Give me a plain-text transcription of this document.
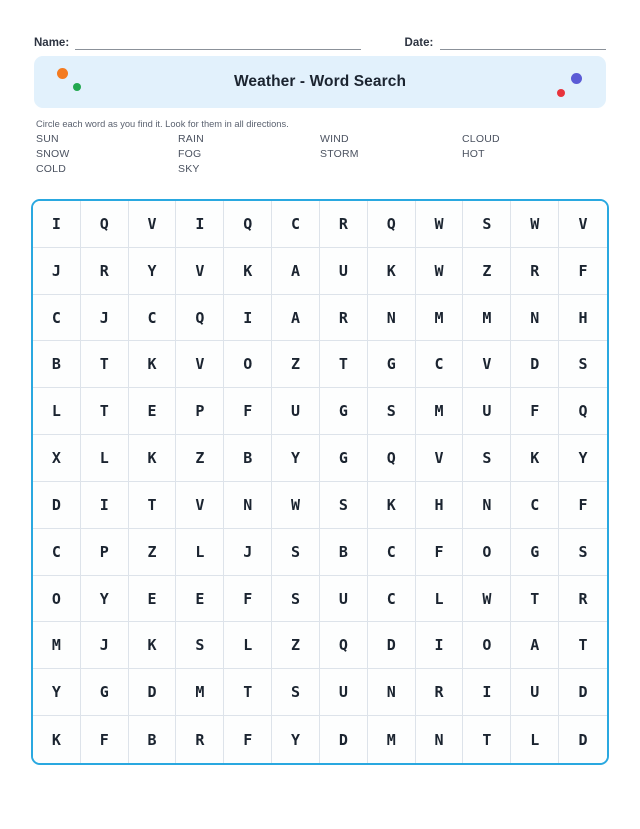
Name:	Date:
Weather - Word Search
Circle each word as you find it. Look for them in all directions.
SUN	RAIN	WIND	CLOUD
SNOW	FOG	STORM	HOT
COLD	SKY
I	Q	V	I	Q	C	R	Q	W	S	W	V
J	R	Y	V	K	A	U	K	W	Z	R	F
C	J	C	Q	I	A	R	N	M	M	N	H
B	T	K	V	O	Z	T	G	C	V	D	S
L	T	E	P	F	U	G	S	M	U	F	Q
X	L	K	Z	B	Y	G	Q	V	S	K	Y
D	I	T	V	N	W	S	K	H	N	C	F
C	P	Z	L	J	S	B	C	F	O	G	S
O	Y	E	E	F	S	U	C	L	W	T	R
M	J	K	S	L	Z	Q	D	I	O	A	T
Y	G	D	M	T	S	U	N	R	I	U	D
K	F	B	R	F	Y	D	M	N	T	L	D
